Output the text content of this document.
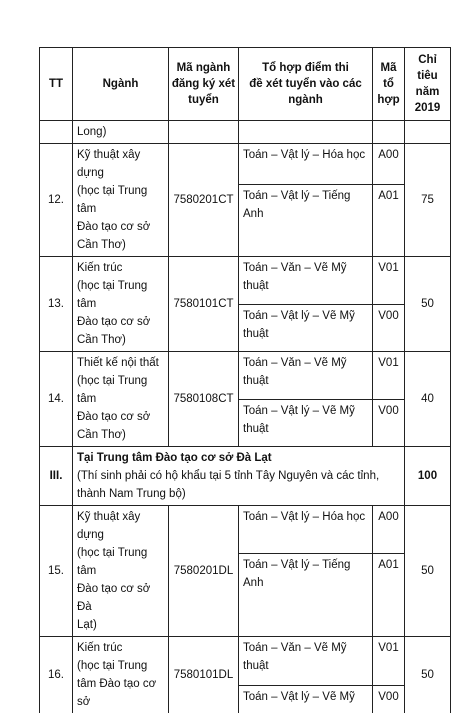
TT	Ngành	Mã ngành đăng ký xét tuyển	Tổ hợp điểm thi
đề xét tuyển vào các ngành	Mã tổ hợp	Chỉ tiêu năm 2019
	Long)				
12.	Kỹ thuật xây dựng
(học tại Trung tâm
Đào tạo cơ sở
Cần Thơ)	7580201CT	Toán – Vật lý – Hóa học	A00	75

			Toán – Vật lý – Tiếng
Anh	A01	
13.	Kiến trúc
(học tại Trung tâm
Đào tạo cơ sở
Cần Thơ)	7580101CT	Toán – Văn – Vẽ Mỹ
thuật	V01	50

			Toán – Vật lý – Vẽ Mỹ
thuật	V00	
14.	Thiết kế nội thất
(học tại Trung tâm
Đào tạo cơ sở
Cần Thơ)	7580108CT	Toán – Văn – Vẽ Mỹ
thuật	V01	40

			Toán – Vật lý – Vẽ Mỹ
thuật	V00	
III.	Tại Trung tâm Đào tạo cơ sở Đà Lạt
(Thí sinh phải có hộ khẩu tại 5 tỉnh Tây Nguyên và các tỉnh, thành Nam Trung bộ)				100
15.	Kỹ thuật xây dựng
(học tại Trung tâm
Đào tạo cơ sở Đà
Lạt)	7580201DL	Toán – Vật lý – Hóa học	A00	50

			Toán – Vật lý – Tiếng
Anh	A01	
16.	Kiến trúc
(học tại Trung
tâm Đào tạo cơ sở	7580101DL	Toán – Văn – Vẽ Mỹ
thuật	V01	50

			Toán – Vật lý – Vẽ Mỹ	V00	
